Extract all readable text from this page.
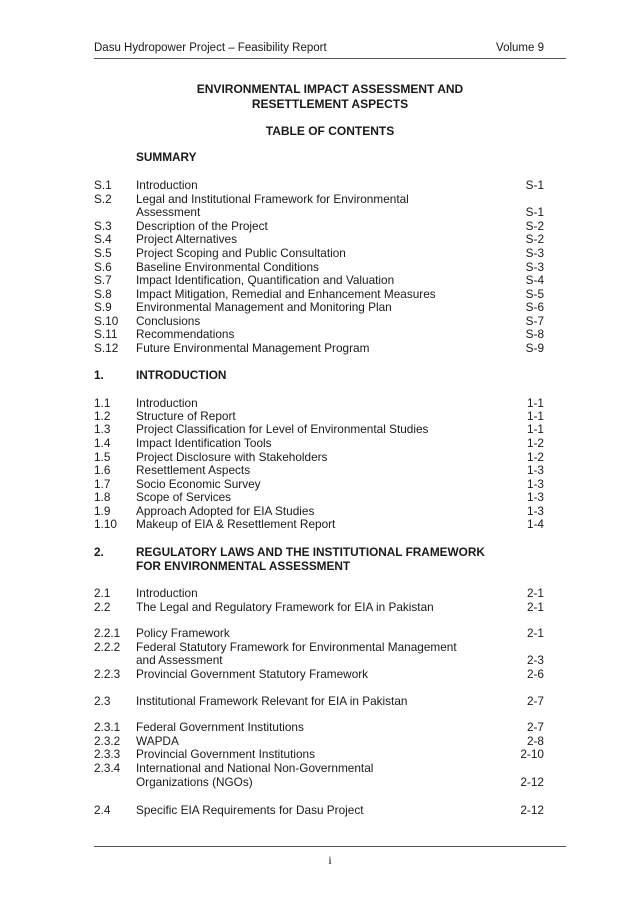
Dasu Hydropower Project – Feasibility Report	Volume 9
ENVIRONMENTAL IMPACT ASSESSMENT AND
RESETTLEMENT ASPECTS
TABLE OF CONTENTS
SUMMARY
S.1 Introduction	S-1
S.2 Legal and Institutional Framework for Environmental
Assessment	S-1
S.3 Description of the Project	S-2
S.4 Project Alternatives	S-2
S.5 Project Scoping and Public Consultation	S-3
S.6 Baseline Environmental Conditions	S-3
S.7 Impact Identification, Quantification and Valuation	S-4
S.8 Impact Mitigation, Remedial and Enhancement Measures	S-5
S.9 Environmental Management and Monitoring Plan	S-6
S.10 Conclusions	S-7
S.11 Recommendations	S-8
S.12 Future Environmental Management Program	S-9
1.	INTRODUCTION
1.1 Introduction	1-1
1.2 Structure of Report	1-1
1.3 Project Classification for Level of Environmental Studies	1-1
1.4 Impact Identification Tools	1-2
1.5 Project Disclosure with Stakeholders	1-2
1.6 Resettlement Aspects	1-3
1.7 Socio Economic Survey	1-3
1.8 Scope of Services	1-3
1.9 Approach Adopted for EIA Studies	1-3
1.10 Makeup of EIA & Resettlement Report	1-4
2.	REGULATORY LAWS AND THE INSTITUTIONAL FRAMEWORK
FOR ENVIRONMENTAL ASSESSMENT
2.1 Introduction	2-1
2.2 The Legal and Regulatory Framework for EIA in Pakistan	2-1
2.2.1 Policy Framework	2-1
2.2.2 Federal Statutory Framework for Environmental Management
and Assessment	2-3
2.2.3 Provincial Government Statutory Framework	2-6
2.3 Institutional Framework Relevant for EIA in Pakistan	2-7
2.3.1 Federal Government Institutions	2-7
2.3.2 WAPDA	2-8
2.3.3 Provincial Government Institutions	2-10
2.3.4 International and National Non-Governmental
Organizations (NGOs)	2-12
2.4 Specific EIA Requirements for Dasu Project	2-12
i
